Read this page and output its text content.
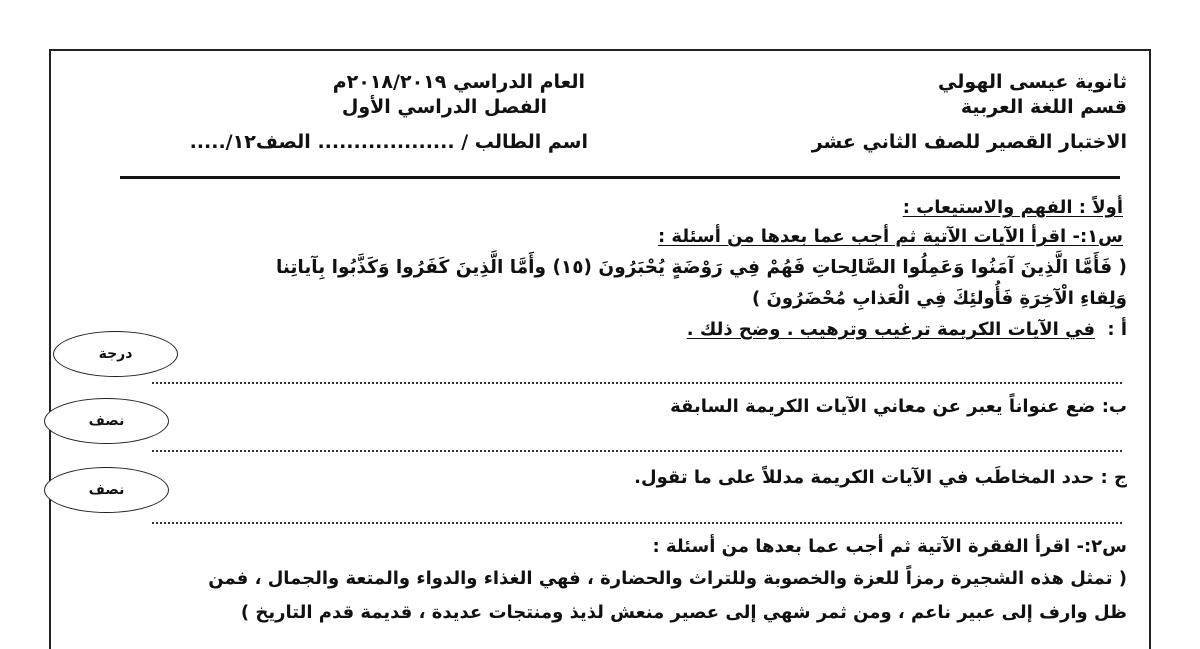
ثانوية عيسى الهولي
قسم اللغة العربية
الاختبار القصير للصف الثاني عشر
العام الدراسي ٢٠١٨/٢٠١٩م
الفصل الدراسي الأول
اسم الطالب / ................... الصف١٢/.....
أولاً : الفهم والاستيعاب :
س١:- اقرأ الآيات الآتية ثم أجب عما بعدها من أسئلة :
( فَأَمَّا الَّذِينَ آمَنُوا وَعَمِلُوا الصَّالِحاتِ فَهُمْ فِي رَوْضَةٍ يُحْبَرُونَ (١٥) وأَمَّا الَّذِينَ كَفَرُوا وَكَذَّبُوا بِآياتِنا
وَلِقاءِ الْآخِرَةِ فَأُولئِكَ فِي الْعَذابِ مُحْضَرُونَ )
أ : في الآيات الكريمة ترغيب وترهيب . وضح ذلك .
ب: ضع عنواناً يعبر عن معاني الآيات الكريمة السابقة
ج : حدد المخاطَب في الآيات الكريمة مدللاً على ما تقول.
س٢:- اقرأ الفقرة الآتية ثم أجب عما بعدها من أسئلة :
( تمثل هذه الشجيرة رمزاً للعزة والخصوبة وللتراث والحضارة ، فهي الغذاء والدواء والمتعة والجمال ، فمن
ظل وارف إلى عبير ناعم ، ومن ثمر شهي إلى عصير منعش لذيذ ومنتجات عديدة ، قديمة قدم التاريخ )
درجة
نصف
نصف
